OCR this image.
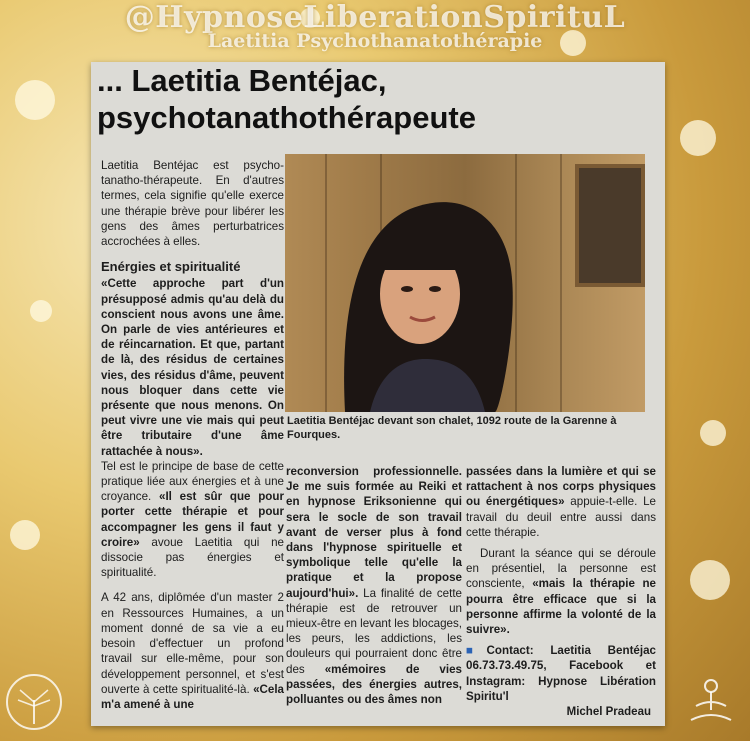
@HypnoseLiberationSpirituL
Laetitia Psychothanatothérapie
... Laetitia Bentéjac,
psychotanathothérapeute

Laetitia Bentéjac est psycho-tanatho-thérapeute. En d'autres termes, cela signifie qu'elle exerce une thérapie brève pour libérer les gens des âmes perturbatrices accrochées à elles.

Enérgies et spiritualité

«Cette approche part d'un présupposé admis qu'au delà du conscient nous avons une âme. On parle de vies antérieures et de réincarnation. Et que, partant de là, des résidus de certaines vies, des résidus d'âme, peuvent nous bloquer dans cette vie présente que nous menons. On peut vivre une vie mais qui peut être tributaire d'une âme rattachée à nous».

Tel est le principe de base de cette pratique liée aux énergies et à une croyance. «Il est sûr que pour porter cette thérapie et pour accompagner les gens il faut y croire» avoue Laetitia qui ne dissocie pas énergies et spiritualité.

A 42 ans, diplômée d'un master 2 en Ressources Humaines, a un moment donné de sa vie a eu besoin d'effectuer un profond travail sur elle-même, pour son développement personnel, et s'est ouverte à cette spiritualité-là. «Cela m'a amené à une

Laetitia Bentéjac devant son chalet, 1092 route de la Garenne à Fourques.

reconversion professionnelle. Je me suis formée au Reiki et en hypnose Eriksonienne qui sera le socle de son travail avant de verser plus à fond dans l'hypnose spirituelle et symbolique telle qu'elle la pratique et la propose aujourd'hui». La finalité de cette thérapie est de retrouver un mieux-être en levant les blocages, les peurs, les addictions, les douleurs qui pourraient donc être des «mémoires de vies passées, des énergies autres, polluantes ou des âmes non

passées dans la lumière et qui se rattachent à nos corps physiques ou énergétiques» appuie-t-elle. Le travail du deuil entre aussi dans cette thérapie.

Durant la séance qui se déroule en présentiel, la personne est consciente, «mais la thérapie ne pourra être efficace que si la personne affirme la volonté de la suivre».

■Contact: Laetitia Bentéjac 06.73.73.49.75, Facebook et Instagram: Hypnose Libération Spiritu'l

Michel Pradeau
